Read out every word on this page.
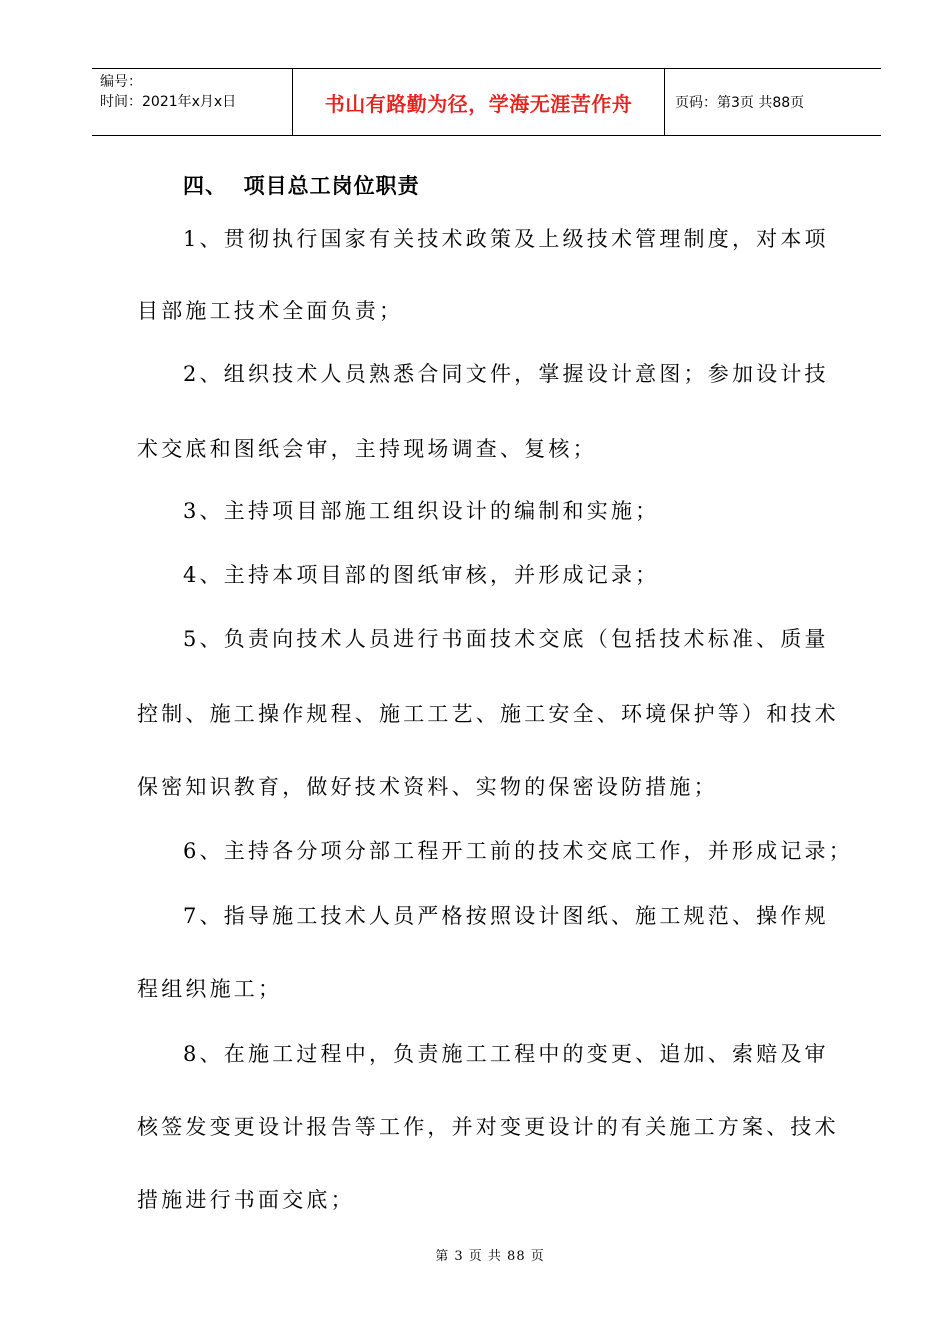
编号：
时间：2021年x月x日	书山有路勤为径，学海无涯苦作舟	页码：第3页 共88页
四、  项目总工岗位职责
1、贯彻执行国家有关技术政策及上级技术管理制度，对本项
目部施工技术全面负责；
2、组织技术人员熟悉合同文件，掌握设计意图；参加设计技
术交底和图纸会审，主持现场调查、复核；
3、主持项目部施工组织设计的编制和实施；
4、主持本项目部的图纸审核，并形成记录；
5、负责向技术人员进行书面技术交底（包括技术标准、质量
控制、施工操作规程、施工工艺、施工安全、环境保护等）和技术
保密知识教育，做好技术资料、实物的保密设防措施；
6、主持各分项分部工程开工前的技术交底工作，并形成记录；
7、指导施工技术人员严格按照设计图纸、施工规范、操作规
程组织施工；
8、在施工过程中，负责施工工程中的变更、追加、索赔及审
核签发变更设计报告等工作，并对变更设计的有关施工方案、技术
措施进行书面交底；
第 3 页 共 88 页
